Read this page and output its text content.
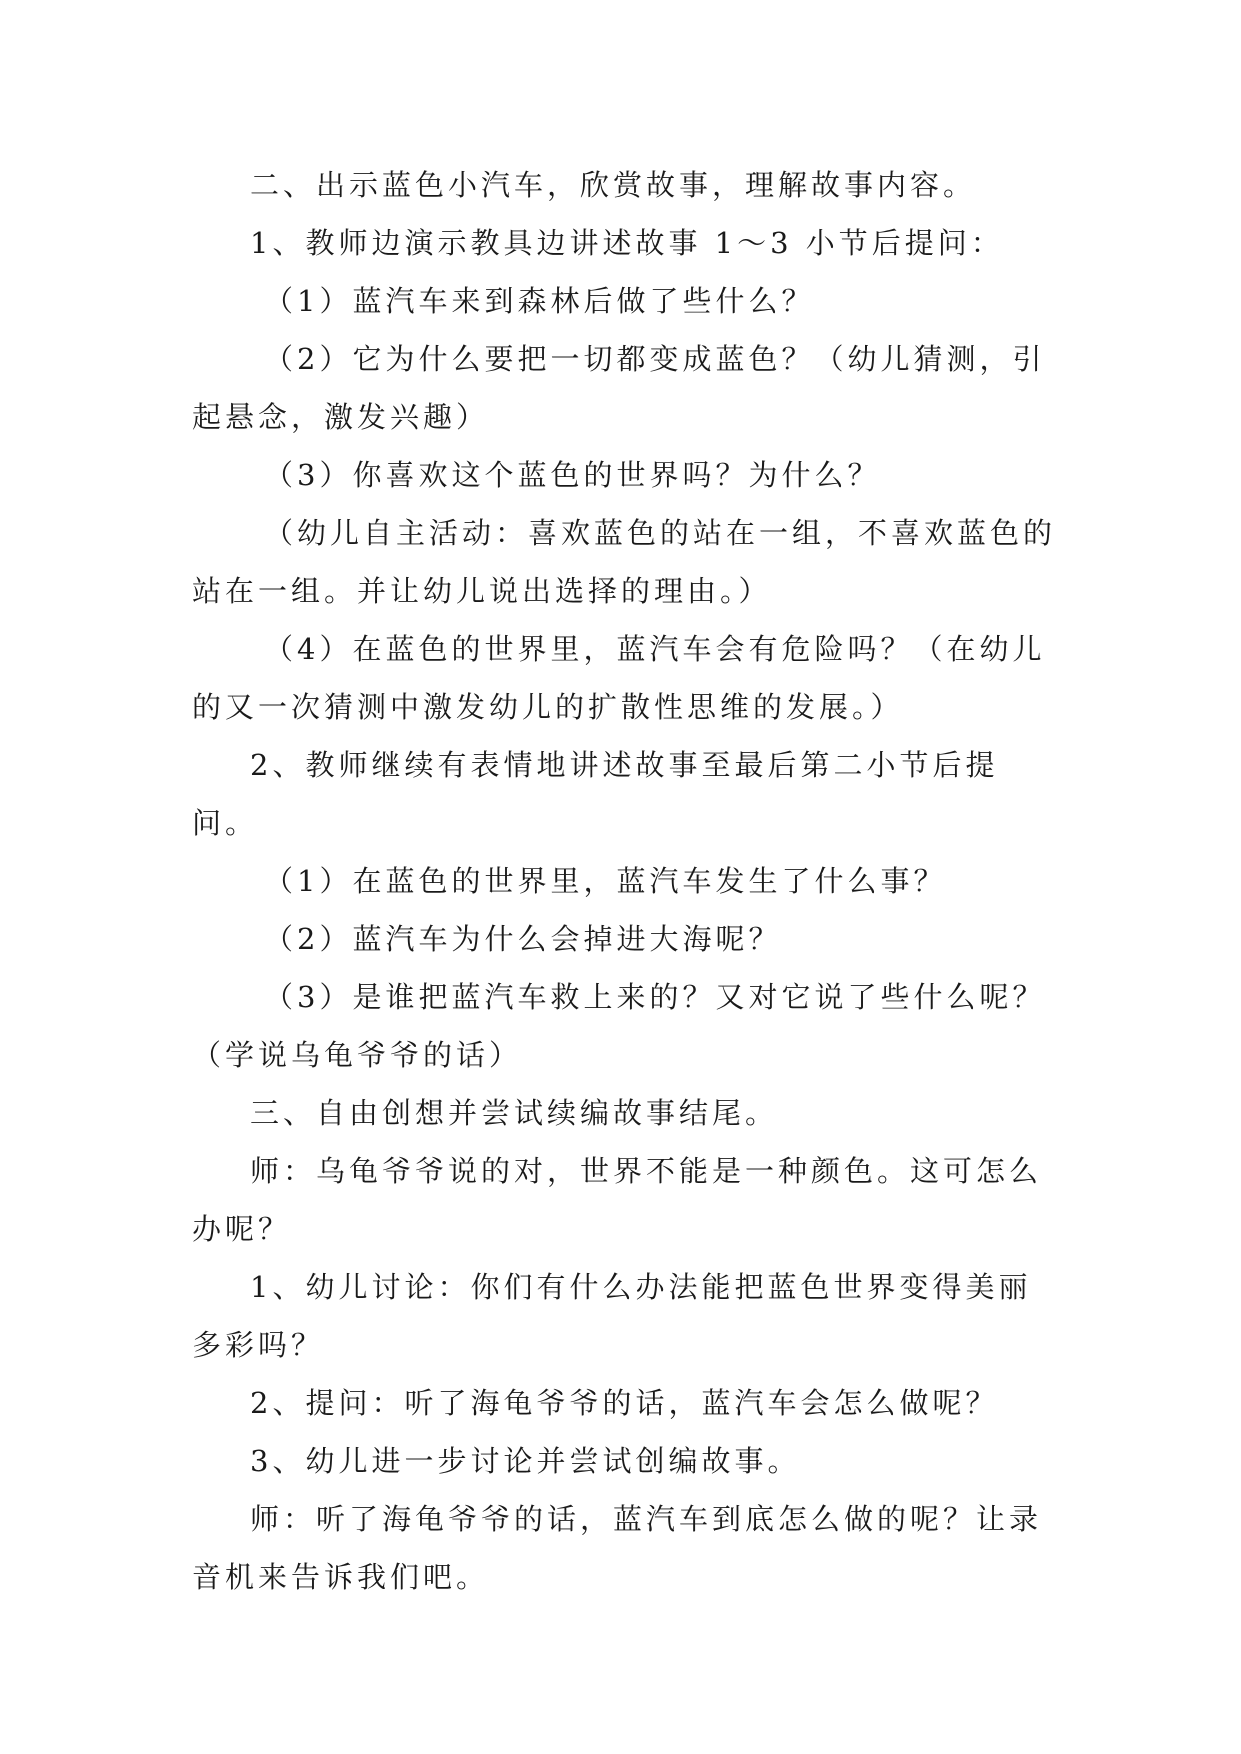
二、出示蓝色小汽车，欣赏故事，理解故事内容。

1、教师边演示教具边讲述故事 1～3 小节后提问：

（1）蓝汽车来到森林后做了些什么？

（2）它为什么要把一切都变成蓝色？（幼儿猜测，引起悬念，激发兴趣）

（3）你喜欢这个蓝色的世界吗？为什么？

（幼儿自主活动：喜欢蓝色的站在一组，不喜欢蓝色的站在一组。并让幼儿说出选择的理由。）

（4）在蓝色的世界里，蓝汽车会有危险吗？（在幼儿的又一次猜测中激发幼儿的扩散性思维的发展。）

2、教师继续有表情地讲述故事至最后第二小节后提问。

（1）在蓝色的世界里，蓝汽车发生了什么事？

（2）蓝汽车为什么会掉进大海呢？

（3）是谁把蓝汽车救上来的？又对它说了些什么呢？（学说乌龟爷爷的话）

三、自由创想并尝试续编故事结尾。

师：乌龟爷爷说的对，世界不能是一种颜色。这可怎么办呢？

1、幼儿讨论：你们有什么办法能把蓝色世界变得美丽多彩吗？

2、提问：听了海龟爷爷的话，蓝汽车会怎么做呢？

3、幼儿进一步讨论并尝试创编故事。

师：听了海龟爷爷的话，蓝汽车到底怎么做的呢？让录音机来告诉我们吧。
